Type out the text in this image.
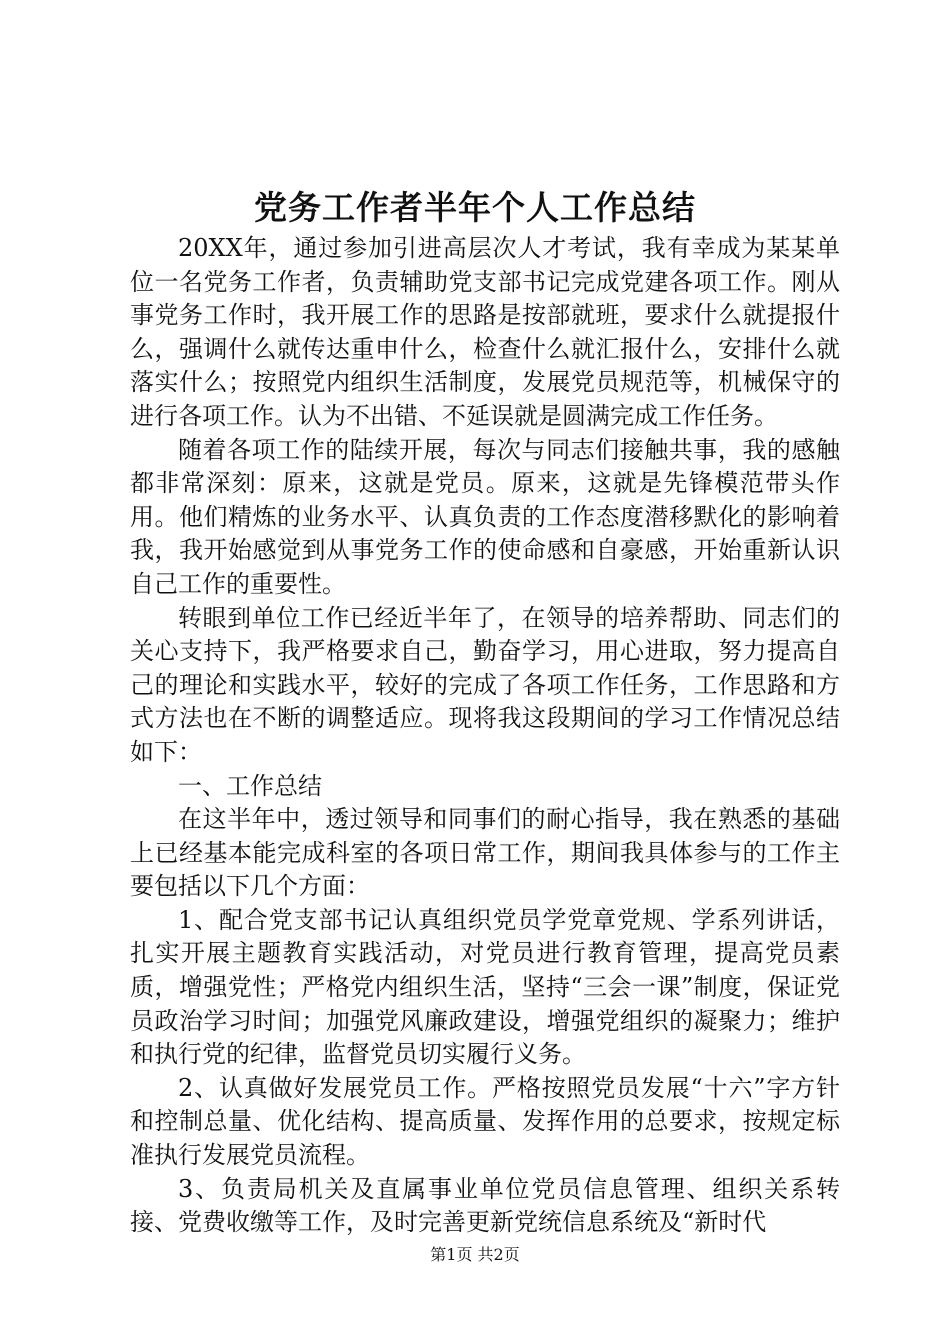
党务工作者半年个人工作总结

20XX年，通过参加引进高层次人才考试，我有幸成为某某单位一名党务工作者，负责辅助党支部书记完成党建各项工作。刚从事党务工作时，我开展工作的思路是按部就班，要求什么就提报什么，强调什么就传达重申什么，检查什么就汇报什么，安排什么就落实什么；按照党内组织生活制度，发展党员规范等，机械保守的进行各项工作。认为不出错、不延误就是圆满完成工作任务。

随着各项工作的陆续开展，每次与同志们接触共事，我的感触都非常深刻：原来，这就是党员。原来，这就是先锋模范带头作用。他们精炼的业务水平、认真负责的工作态度潜移默化的影响着我，我开始感觉到从事党务工作的使命感和自豪感，开始重新认识自己工作的重要性。

转眼到单位工作已经近半年了，在领导的培养帮助、同志们的关心支持下，我严格要求自己，勤奋学习，用心进取，努力提高自己的理论和实践水平，较好的完成了各项工作任务，工作思路和方式方法也在不断的调整适应。现将我这段期间的学习工作情况总结如下：

一、工作总结

在这半年中，透过领导和同事们的耐心指导，我在熟悉的基础上已经基本能完成科室的各项日常工作，期间我具体参与的工作主要包括以下几个方面：

1、配合党支部书记认真组织党员学党章党规、学系列讲话，扎实开展主题教育实践活动，对党员进行教育管理，提高党员素质，增强党性；严格党内组织生活，坚持“三会一课”制度，保证党员政治学习时间；加强党风廉政建设，增强党组织的凝聚力；维护和执行党的纪律，监督党员切实履行义务。

2、认真做好发展党员工作。严格按照党员发展“十六”字方针和控制总量、优化结构、提高质量、发挥作用的总要求，按规定标准执行发展党员流程。

3、负责局机关及直属事业单位党员信息管理、组织关系转接、党费收缴等工作，及时完善更新党统信息系统及“新时代

第1页 共2页
